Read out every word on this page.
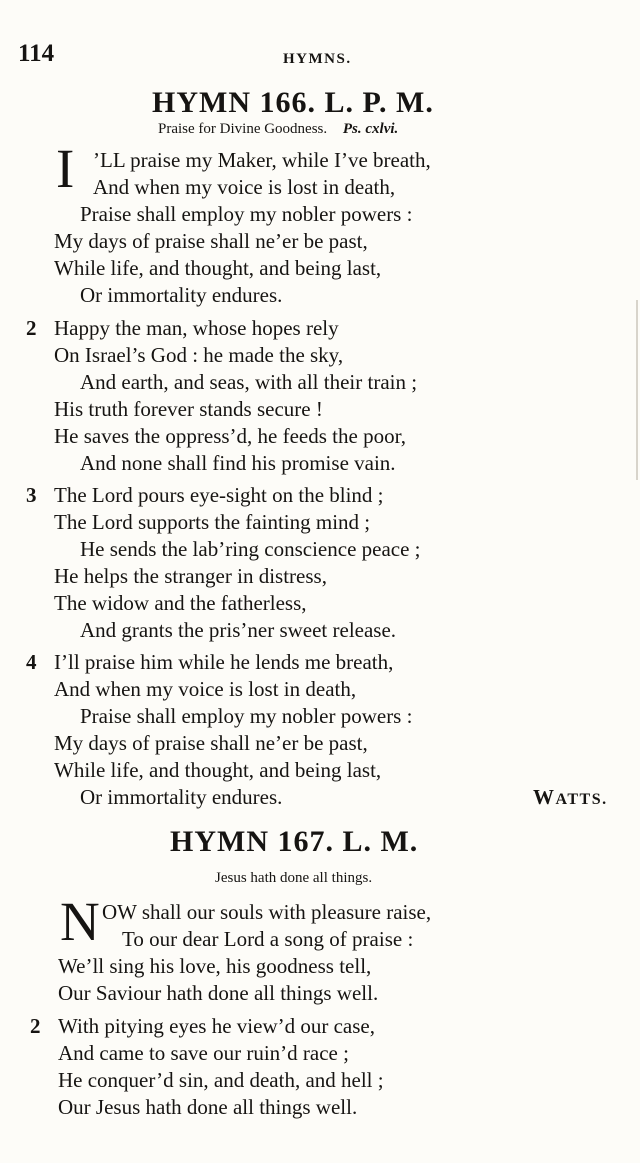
114	HYMNS.
HYMN 166. L. P. M.
Praise for Divine Goodness. Ps. cxlvi.
I ’LL praise my Maker, while I’ve breath,
And when my voice is lost in death,
Praise shall employ my nobler powers :
My days of praise shall ne’er be past,
While life, and thought, and being last,
Or immortality endures.
2 Happy the man, whose hopes rely
On Israel’s God : he made the sky,
And earth, and seas, with all their train ;
His truth forever stands secure !
He saves the oppress’d, he feeds the poor,
And none shall find his promise vain.
3 The Lord pours eye-sight on the blind ;
The Lord supports the fainting mind ;
He sends the lab’ring conscience peace ;
He helps the stranger in distress,
The widow and the fatherless,
And grants the pris’ner sweet release.
4 I’ll praise him while he lends me breath,
And when my voice is lost in death,
Praise shall employ my nobler powers :
My days of praise shall ne’er be past,
While life, and thought, and being last,
Or immortality endures.	WATTS.
HYMN 167. L. M.
Jesus hath done all things.
N OW shall our souls with pleasure raise,
To our dear Lord a song of praise :
We’ll sing his love, his goodness tell,
Our Saviour hath done all things well.
2 With pitying eyes he view’d our case,
And came to save our ruin’d race ;
He conquer’d sin, and death, and hell ;
Our Jesus hath done all things well.
